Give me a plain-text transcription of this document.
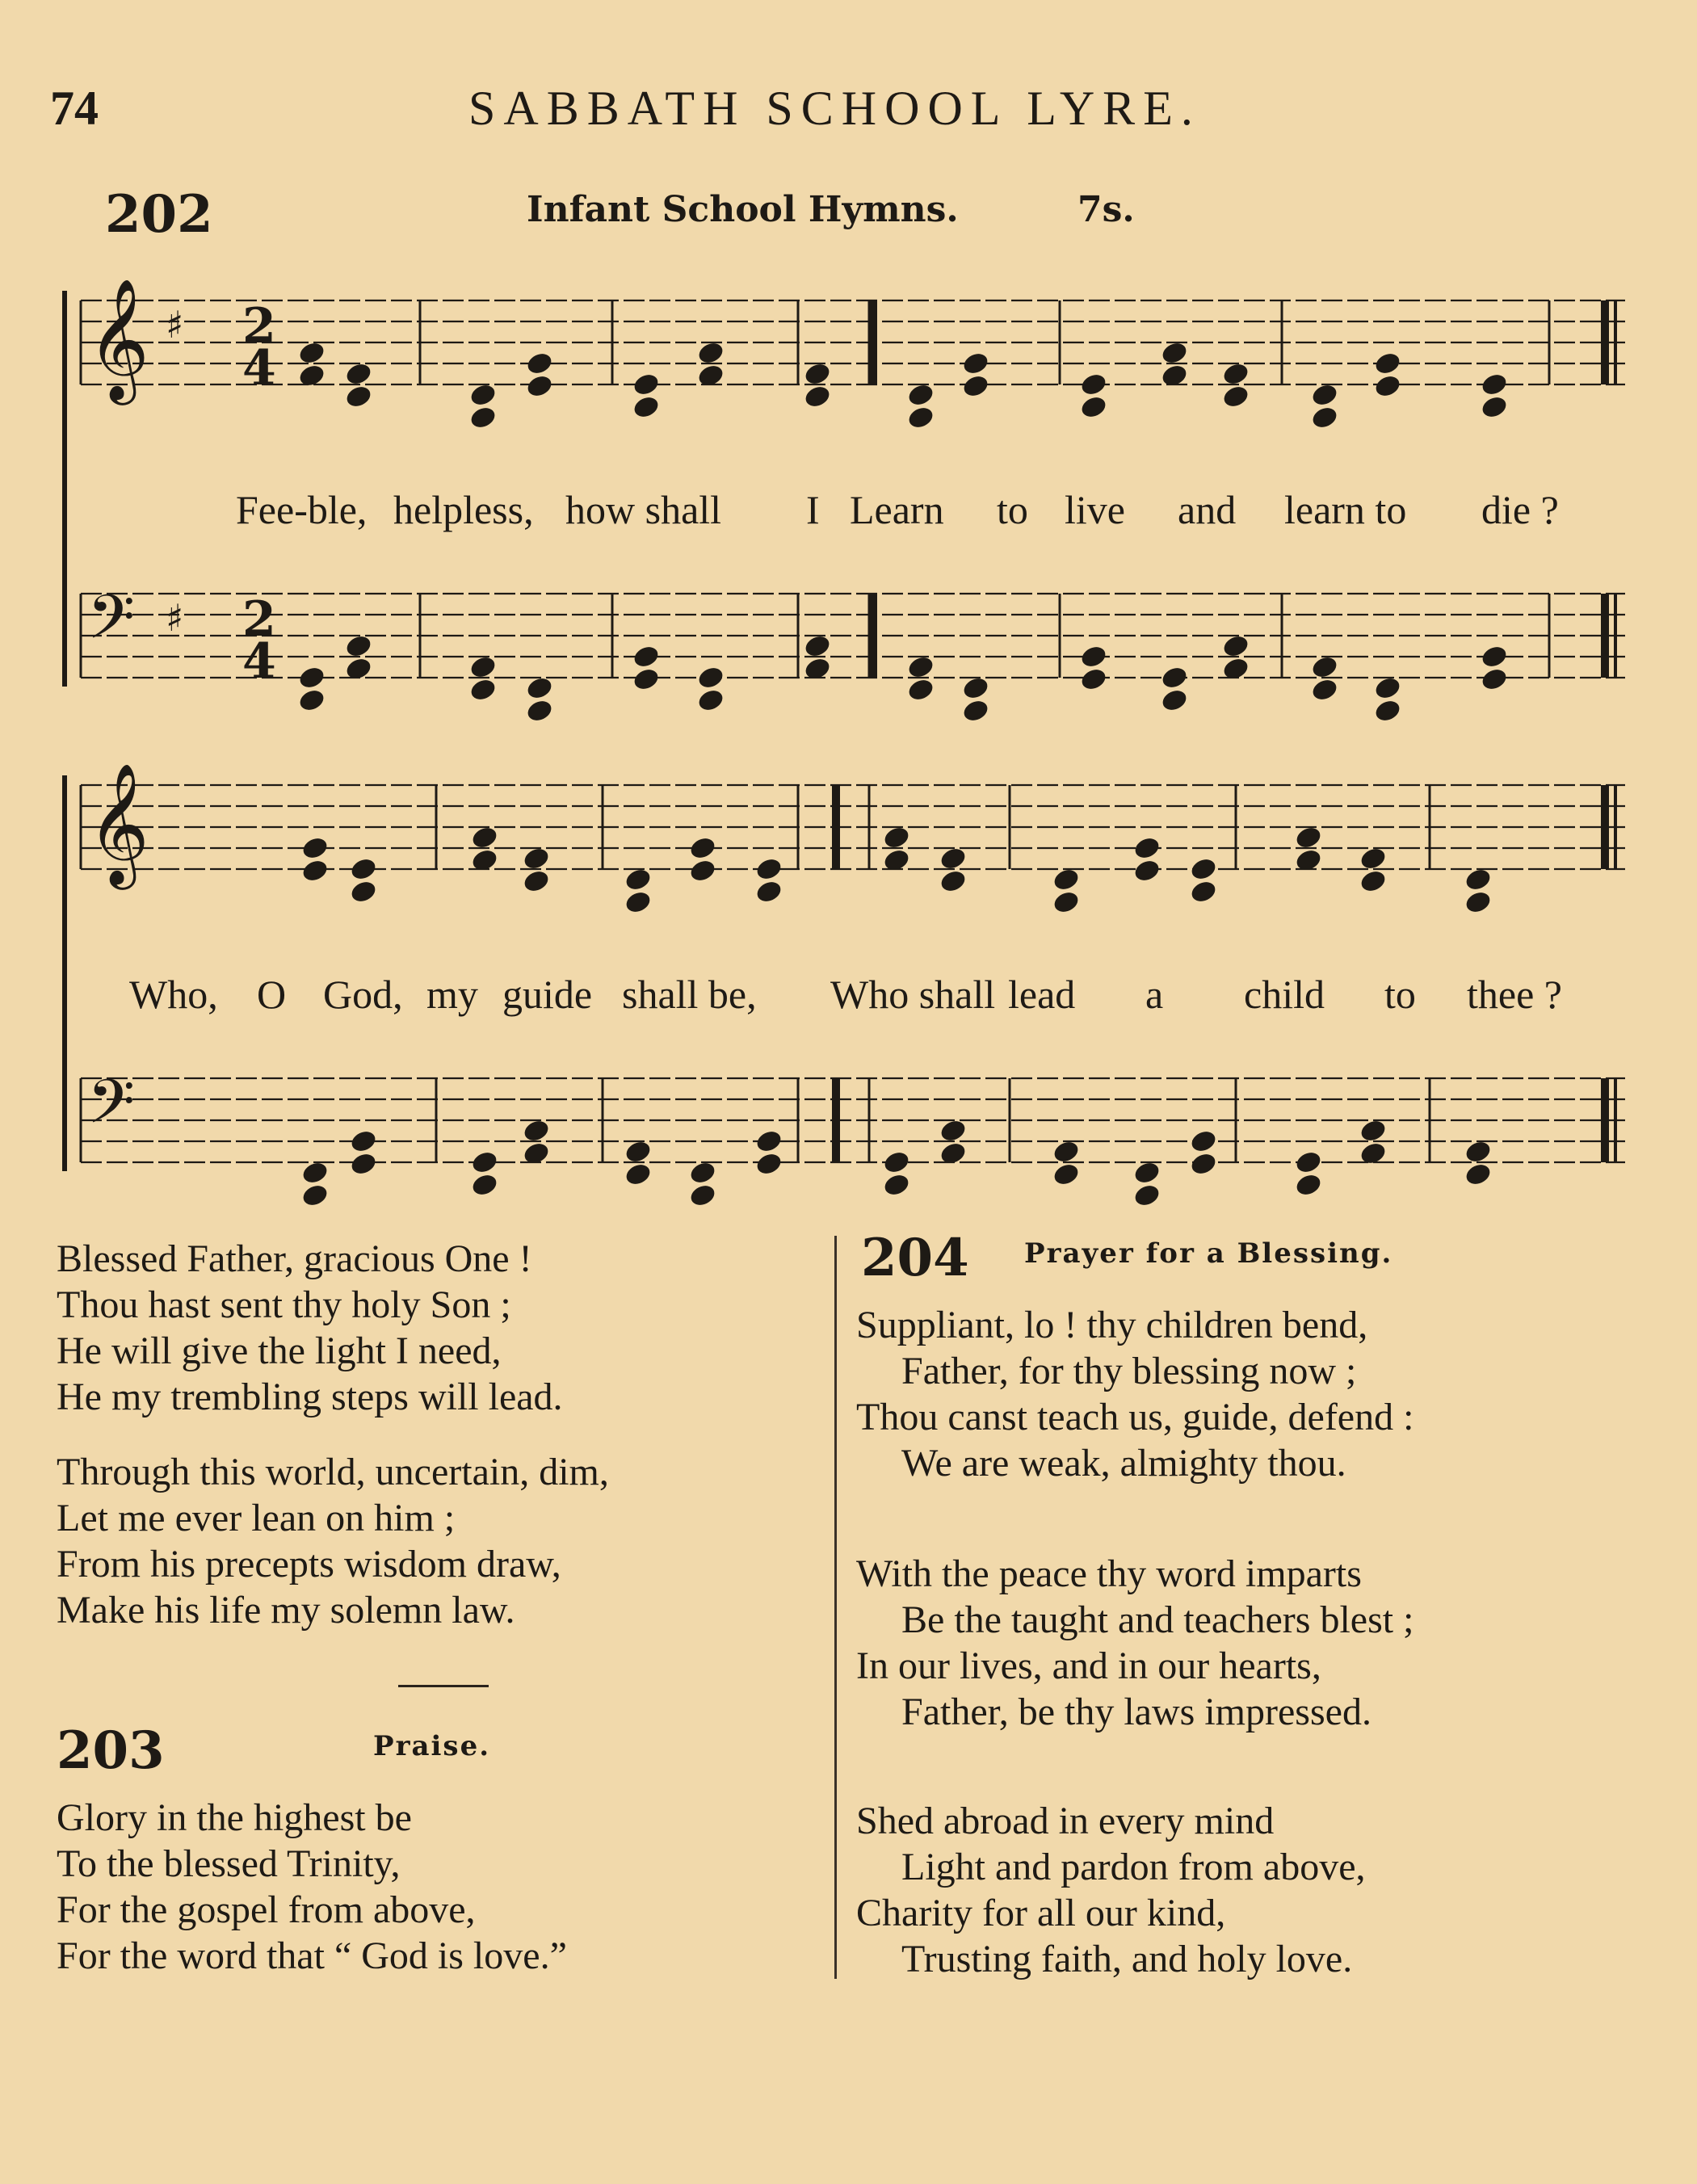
74	SABBATH SCHOOL LYRE.
202	Infant School Hymns.	7s.
𝄞 ♯ 2
4
𝄢 ♯ 2
4
𝄞
𝄢
Fee-ble, helpless, how shall I Learn to live and learn to die ?
Who, O God, my guide shall be, Who shall lead a child to thee ?
Blessed Father, gracious One !
Thou hast sent thy holy Son ;
He will give the light I need,
He my trembling steps will lead.
Through this world, uncertain, dim,
Let me ever lean on him ;
From his precepts wisdom draw,
Make his life my solemn law.
203	Praise.
Glory in the highest be
To the blessed Trinity,
For the gospel from above,
For the word that “ God is love.”
204 Prayer for a Blessing.
Suppliant, lo ! thy children bend,
Father, for thy blessing now ;
Thou canst teach us, guide, defend :
We are weak, almighty thou.
With the peace thy word imparts
Be the taught and teachers blest ;
In our lives, and in our hearts,
Father, be thy laws impressed.
Shed abroad in every mind
Light and pardon from above,
Charity for all our kind,
Trusting faith, and holy love.
